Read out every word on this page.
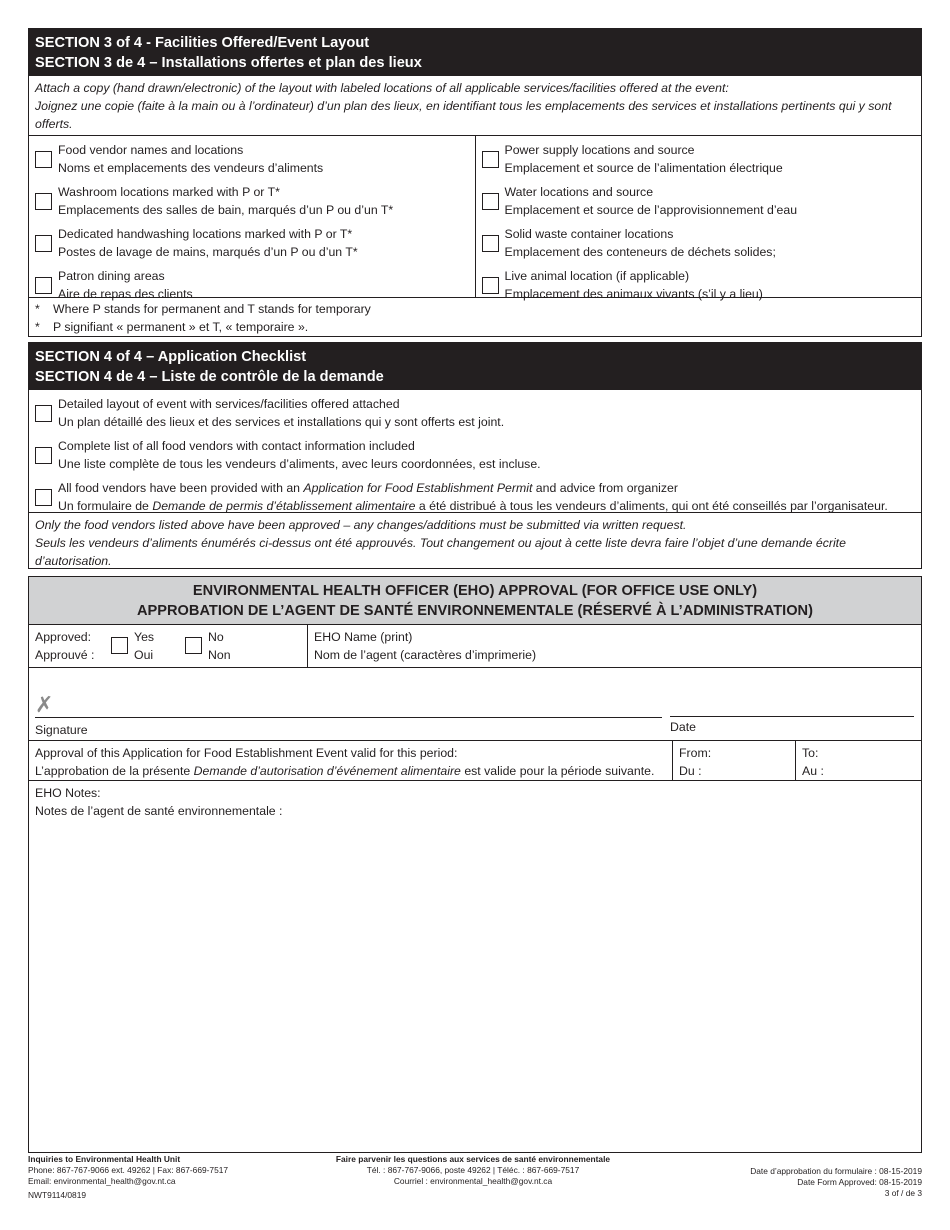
SECTION 3 of 4 - Facilities Offered/Event Layout
SECTION 3 de 4 – Installations offertes et plan des lieux
Attach a copy (hand drawn/electronic) of the layout with labeled locations of all applicable services/facilities offered at the event:
Joignez une copie (faite à la main ou à l’ordinateur) d’un plan des lieux, en identifiant tous les emplacements des services et installations pertinents qui y sont offerts.
Food vendor names and locations
Noms et emplacements des vendeurs d’aliments
Washroom locations marked with P or T*
Emplacements des salles de bain, marqués d’un P ou d’un T*
Dedicated handwashing locations marked with P or T*
Postes de lavage de mains, marqués d’un P ou d’un T*
Patron dining areas
Aire de repas des clients
Power supply locations and source
Emplacement et source de l’alimentation électrique
Water locations and source
Emplacement et source de l’approvisionnement d’eau
Solid waste container locations
Emplacement des conteneurs de déchets solides;
Live animal location (if applicable)
Emplacement des animaux vivants (s’il y a lieu)
*	Where P stands for permanent and T stands for temporary
*	P signifiant « permanent » et T, « temporaire ».
SECTION 4 of 4 – Application Checklist
SECTION 4 de 4 – Liste de contrôle de la demande
Detailed layout of event with services/facilities offered attached
Un plan détaillé des lieux et des services et installations qui y sont offerts est joint.
Complete list of all food vendors with contact information included
Une liste complète de tous les vendeurs d’aliments, avec leurs coordonnées, est incluse.
All food vendors have been provided with an Application for Food Establishment Permit and advice from organizer
Un formulaire de Demande de permis d’établissement alimentaire a été distribué à tous les vendeurs d’aliments, qui ont été conseillés par l’organisateur.
Only the food vendors listed above have been approved – any changes/additions must be submitted via written request.
Seuls les vendeurs d’aliments énumérés ci-dessus ont été approuvés. Tout changement ou ajout à cette liste devra faire l’objet d’une demande écrite d’autorisation.
ENVIRONMENTAL HEALTH OFFICER (EHO) APPROVAL (FOR OFFICE USE ONLY)
APPROBATION DE L’AGENT DE SANTÉ ENVIRONNEMENTALE (RÉSERVÉ À L’ADMINISTRATION)
Approved:
Approuvé :
Yes
Oui
No
Non
EHO Name (print)
Nom de l’agent (caractères d’imprimerie)
✗
Signature	Date
Approval of this Application for Food Establishment Event valid for this period:
L’approbation de la présente Demande d’autorisation d’événement alimentaire est valide pour la période suivante.
From:
Du :
To:
Au :
EHO Notes:
Notes de l’agent de santé environnementale :
Inquiries to Environmental Health Unit
Phone: 867-767-9066 ext. 49262 | Fax: 867-669-7517
Email: environmental_health@gov.nt.ca
NWT9114/0819
Faire parvenir les questions aux services de santé environnementale
Tél. : 867-767-9066, poste 49262 | Téléc. : 867-669-7517
Courriel : environmental_health@gov.nt.ca
Date d’approbation du formulaire : 08-15-2019
Date Form Approved: 08-15-2019
3 of / de 3
